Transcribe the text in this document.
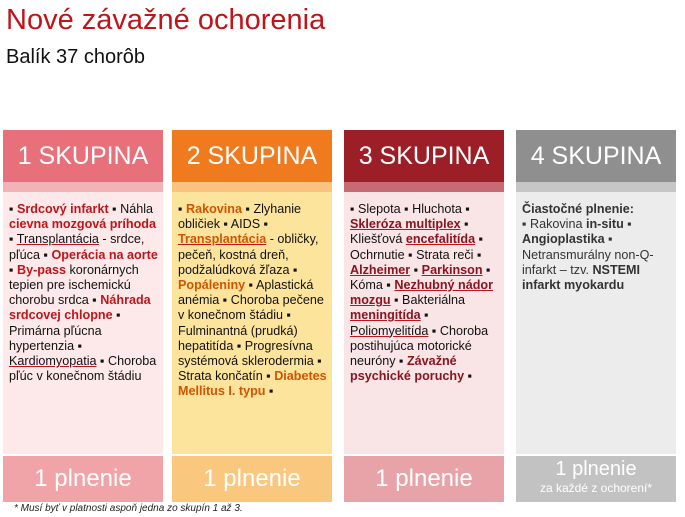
Nové závažné ochorenia
Balík 37 chorôb
1 SKUPINA
▪ Srdcový infarkt ▪ Náhla cievna mozgová príhoda ▪ Transplantácia - srdce, pľúca ▪ Operácia na aorte ▪ By-pass koronárnych tepien pre ischemickú chorobu srdca ▪ Náhrada srdcovej chlopne ▪ Primárna pľúcna hypertenzia ▪ Kardiomyopatia ▪ Choroba pľúc v konečnom štádiu
1 plnenie
2 SKUPINA
▪ Rakovina ▪ Zlyhanie obličiek ▪ AIDS ▪ Transplantácia - obličky, pečeň, kostná dreň, podžalúdková žľaza ▪ Popáleniny ▪ Aplastická anémia ▪ Choroba pečene v konečnom štádiu ▪ Fulminantná (prudká) hepatitída ▪ Progresívna systémová sklerodermia ▪ Strata končatín ▪ Diabetes Mellitus I. typu ▪
1 plnenie
3 SKUPINA
▪ Slepota ▪ Hluchota ▪ Skleróza multiplex ▪ Kliešťová encefalitída ▪ Ochrnutie ▪ Strata reči ▪ Alzheimer ▪ Parkinson ▪ Kóma ▪ Nezhubný nádor mozgu ▪ Bakteriálna meningitída ▪ Poliomyelitída ▪ Choroba postihujúca motorické neuróny ▪ Závažné psychické poruchy ▪
1 plnenie
4 SKUPINA
Čiastočné plnenie:
▪ Rakovina in-situ ▪ Angioplastika ▪ Netransmurálny non-Q-infarkt – tzv. NSTEMI infarkt myokardu
1 plnenie
za každé z ochorení*
* Musí byť v platnosti aspoň jedna zo skupín 1 až 3.
